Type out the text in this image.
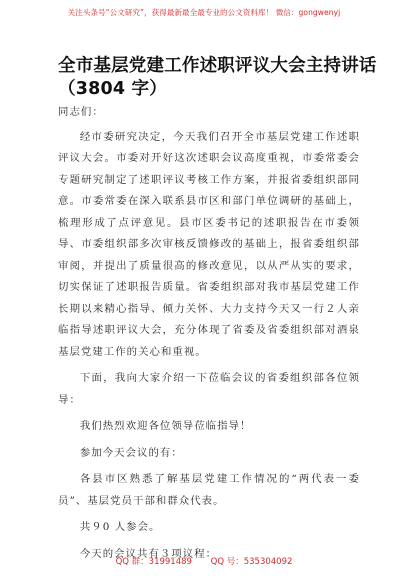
关注头条号“公文研究”，获得最新最全最专业的公文资料库！ 微信：gongwenyj
全市基层党建工作述职评议大会主持讲话
（3804 字）

同志们：

经市委研究决定，今天我们召开全市基层党建工作述职评议大会。市委对开好这次述职会议高度重视，市委常委会专题研究制定了述职评议考核工作方案，并报省委组织部同意。市委常委在深入联系县市区和部门单位调研的基础上，梳理形成了点评意见。县市区委书记的述职报告在市委领导、市委组织部多次审核反馈修改的基础上，报省委组织部审阅，并提出了质量很高的修改意见，以从严从实的要求，切实保证了述职报告质量。省委组织部对我市基层党建工作长期以来精心指导、倾力关怀、大力支持今天又一行２人亲临指导述职评议大会，充分体现了省委及省委组织部对酒泉基层党建工作的关心和重视。

下面，我向大家介绍一下莅临会议的省委组织部各位领导：

我们热烈欢迎各位领导莅临指导！

参加今天会议的有：

各县市区熟悉了解基层党建工作情况的“两代表一委员”、基层党员干部和群众代表。

共９0 人参会。

今天的会议共有３项议程：

QQ 群：31991489 QQ 号：535304092
